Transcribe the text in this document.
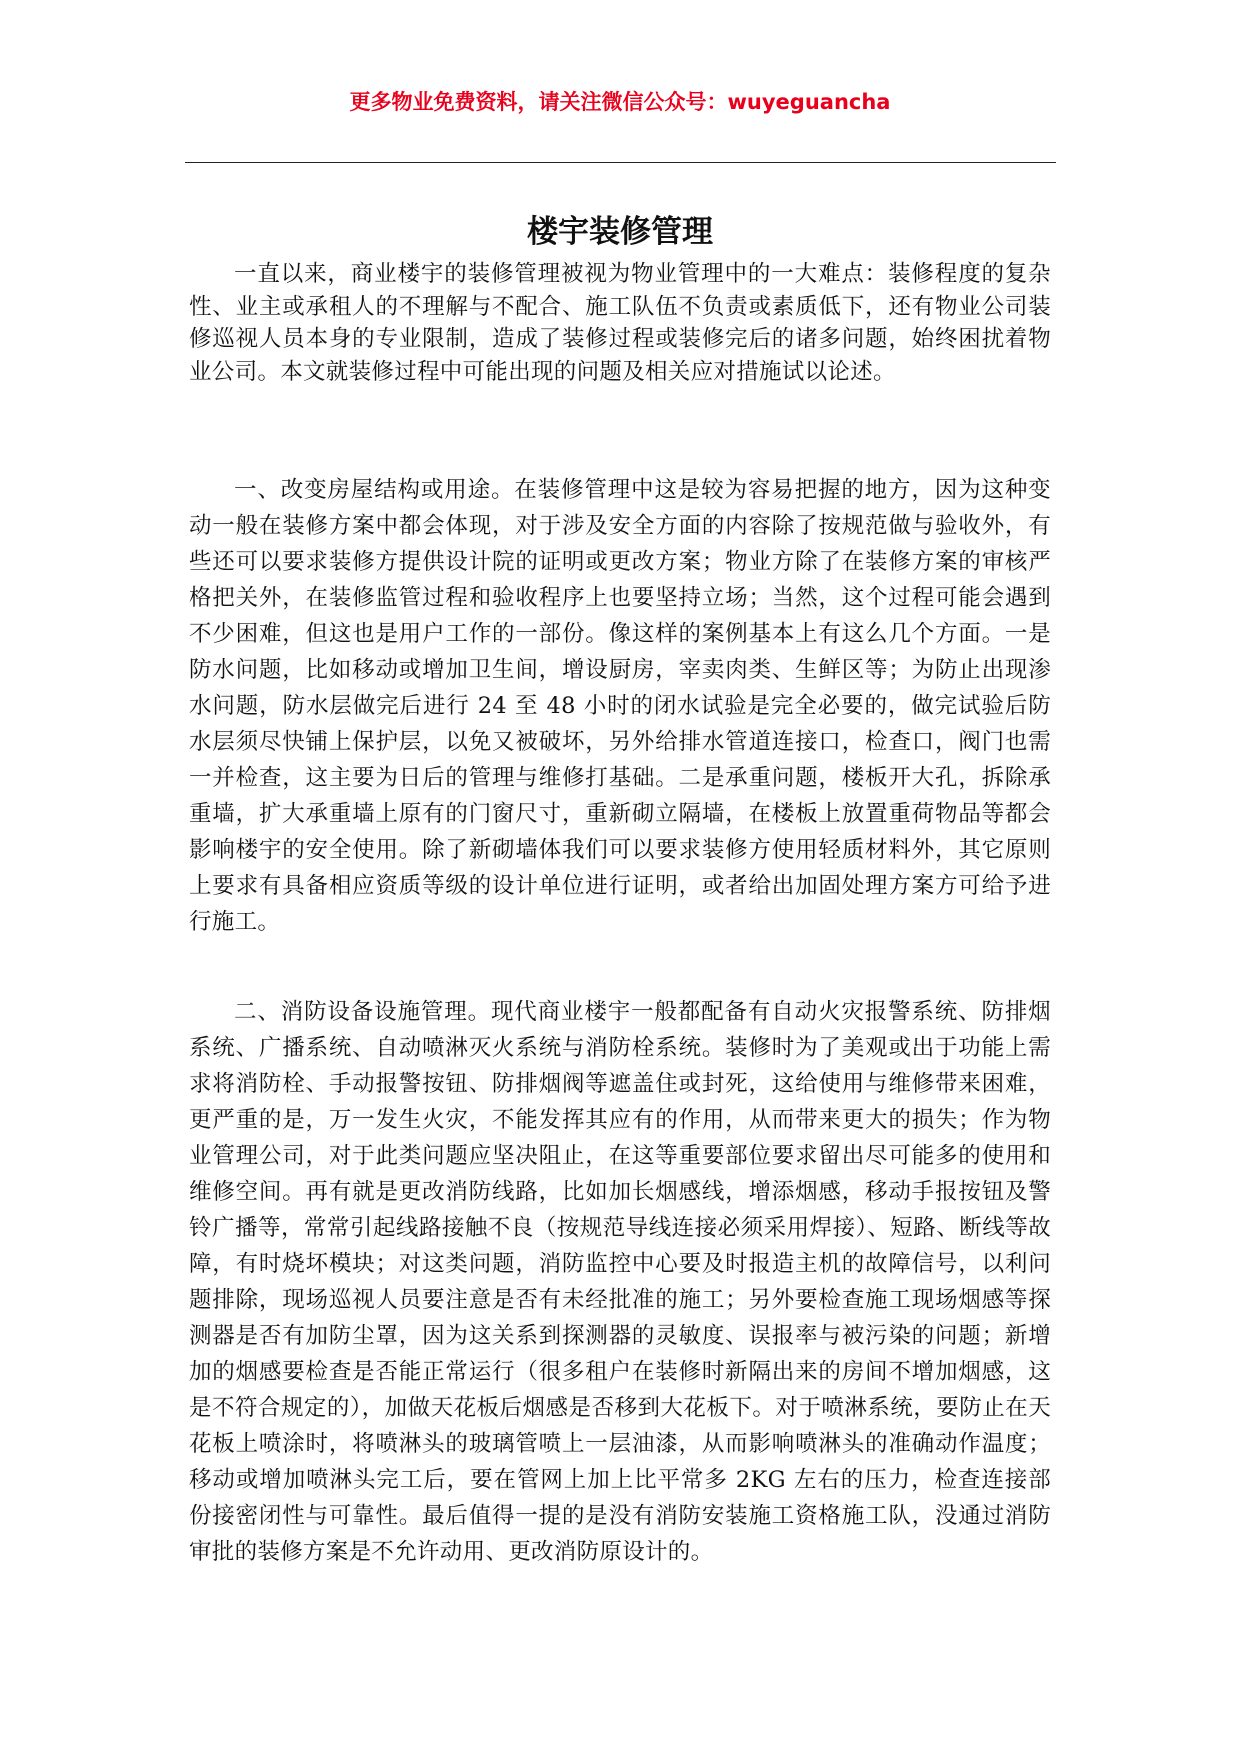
更多物业免费资料，请关注微信公众号：wuyeguancha
楼宇装修管理

一直以来，商业楼宇的装修管理被视为物业管理中的一大难点：装修程度的复杂性、业主或承租人的不理解与不配合、施工队伍不负责或素质低下，还有物业公司装修巡视人员本身的专业限制，造成了装修过程或装修完后的诸多问题，始终困扰着物业公司。本文就装修过程中可能出现的问题及相关应对措施试以论述。

一、改变房屋结构或用途。在装修管理中这是较为容易把握的地方，因为这种变动一般在装修方案中都会体现，对于涉及安全方面的内容除了按规范做与验收外，有些还可以要求装修方提供设计院的证明或更改方案；物业方除了在装修方案的审核严格把关外，在装修监管过程和验收程序上也要坚持立场；当然，这个过程可能会遇到不少困难，但这也是用户工作的一部份。像这样的案例基本上有这么几个方面。一是防水问题，比如移动或增加卫生间，增设厨房，宰卖肉类、生鲜区等；为防止出现渗水问题，防水层做完后进行 24 至 48 小时的闭水试验是完全必要的，做完试验后防水层须尽快铺上保护层，以免又被破坏，另外给排水管道连接口，检查口，阀门也需一并检查，这主要为日后的管理与维修打基础。二是承重问题，楼板开大孔，拆除承重墙，扩大承重墙上原有的门窗尺寸，重新砌立隔墙，在楼板上放置重荷物品等都会影响楼宇的安全使用。除了新砌墙体我们可以要求装修方使用轻质材料外，其它原则上要求有具备相应资质等级的设计单位进行证明，或者给出加固处理方案方可给予进行施工。

二、消防设备设施管理。现代商业楼宇一般都配备有自动火灾报警系统、防排烟系统、广播系统、自动喷淋灭火系统与消防栓系统。装修时为了美观或出于功能上需求将消防栓、手动报警按钮、防排烟阀等遮盖住或封死，这给使用与维修带来困难，更严重的是，万一发生火灾，不能发挥其应有的作用，从而带来更大的损失；作为物业管理公司，对于此类问题应坚决阻止，在这等重要部位要求留出尽可能多的使用和维修空间。再有就是更改消防线路，比如加长烟感线，增添烟感，移动手报按钮及警铃广播等，常常引起线路接触不良（按规范导线连接必须采用焊接）、短路、断线等故障，有时烧坏模块；对这类问题，消防监控中心要及时报造主机的故障信号，以利问题排除，现场巡视人员要注意是否有未经批准的施工；另外要检查施工现场烟感等探测器是否有加防尘罩，因为这关系到探测器的灵敏度、误报率与被污染的问题；新增加的烟感要检查是否能正常运行（很多租户在装修时新隔出来的房间不增加烟感，这是不符合规定的），加做天花板后烟感是否移到大花板下。对于喷淋系统，要防止在天花板上喷涂时，将喷淋头的玻璃管喷上一层油漆，从而影响喷淋头的准确动作温度；移动或增加喷淋头完工后，要在管网上加上比平常多 2KG 左右的压力，检查连接部份接密闭性与可靠性。最后值得一提的是没有消防安装施工资格施工队，没通过消防审批的装修方案是不允许动用、更改消防原设计的。
